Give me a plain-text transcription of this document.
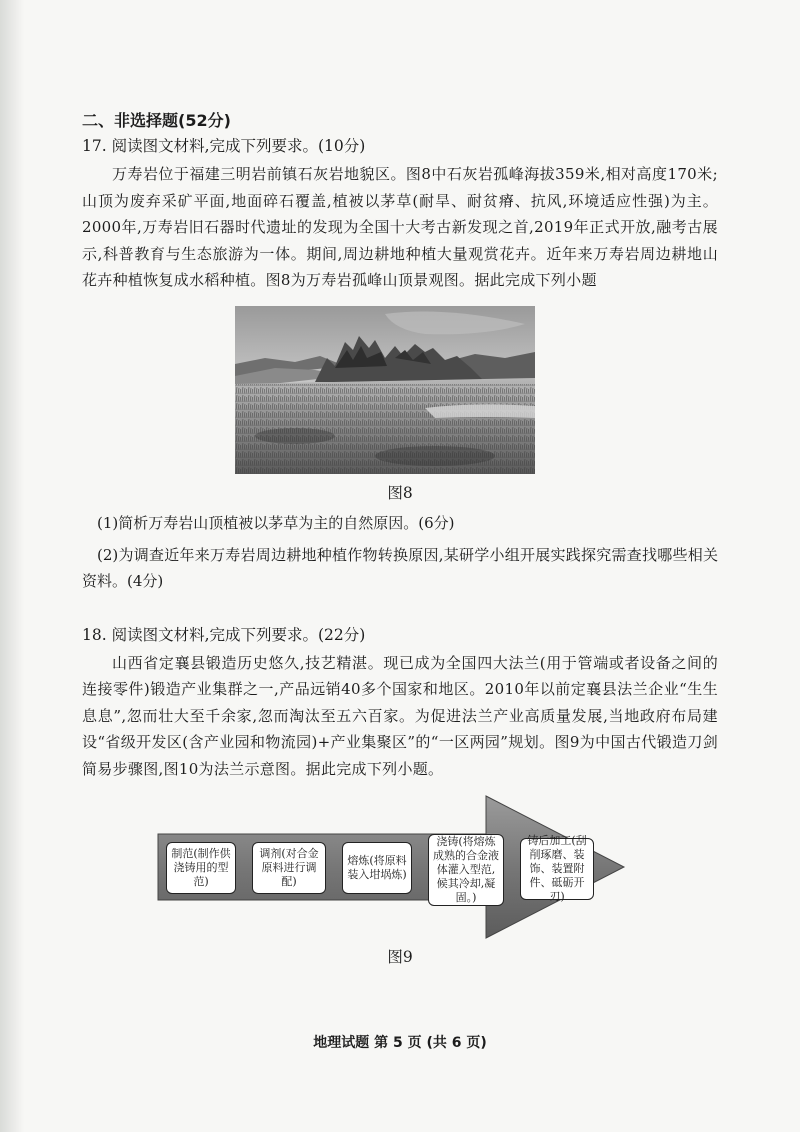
二、非选择题(52分)

17. 阅读图文材料,完成下列要求。(10分)

万寿岩位于福建三明岩前镇石灰岩地貌区。图8中石灰岩孤峰海拔359米,相对高度170米;山顶为废弃采矿平面,地面碎石覆盖,植被以茅草(耐旱、耐贫瘠、抗风,环境适应性强)为主。2000年,万寿岩旧石器时代遗址的发现为全国十大考古新发现之首,2019年正式开放,融考古展示,科普教育与生态旅游为一体。期间,周边耕地种植大量观赏花卉。近年来万寿岩周边耕地山花卉种植恢复成水稻种植。图8为万寿岩孤峰山顶景观图。据此完成下列小题

图8

(1)简析万寿岩山顶植被以茅草为主的自然原因。(6分)

(2)为调查近年来万寿岩周边耕地种植作物转换原因,某研学小组开展实践探究需查找哪些相关资料。(4分)

18. 阅读图文材料,完成下列要求。(22分)

山西省定襄县锻造历史悠久,技艺精湛。现已成为全国四大法兰(用于管端或者设备之间的连接零件)锻造产业集群之一,产品远销40多个国家和地区。2010年以前定襄县法兰企业“生生息息”,忽而壮大至千余家,忽而淘汰至五六百家。为促进法兰产业高质量发展,当地政府布局建设“省级开发区(含产业园和物流园)+产业集聚区”的“一区两园”规划。图9为中国古代锻造刀剑简易步骤图,图10为法兰示意图。据此完成下列小题。

制范(制作供浇铸用的型范)
调剂(对合金原料进行调配)
熔炼(将原料装入坩埚炼)
浇铸(将熔炼成熟的合金液体灌入型范,候其冷却,凝固。)
铸后加工(刮削琢磨、装饰、装置附件、砥砺开刃)

图9

地理试题 第 5 页 (共 6 页)
